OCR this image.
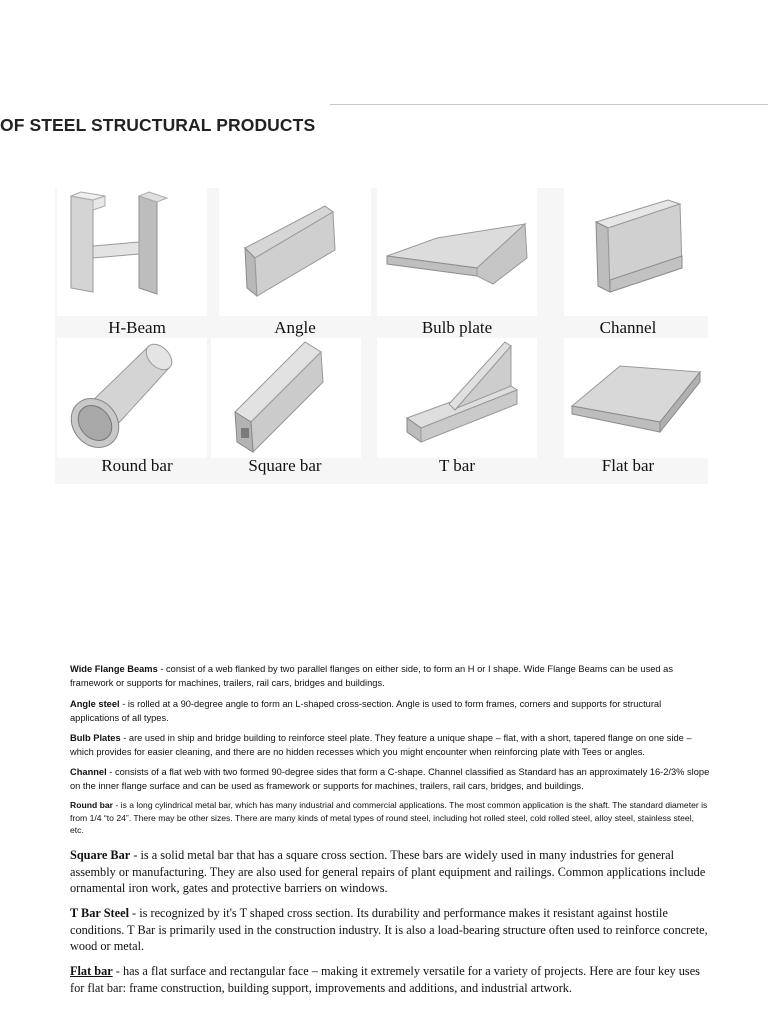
OF STEEL STRUCTURAL PRODUCTS
H-Beam	Angle	Bulb plate	Channel
Round bar	Square bar	T bar	Flat bar

Wide Flange Beams - consist of a web flanked by two parallel flanges on either side, to form an H or I shape. Wide Flange Beams can be used as framework or supports for machines, trailers, rail cars, bridges and buildings.

Angle steel - is rolled at a 90-degree angle to form an L-shaped cross-section. Angle is used to form frames, corners and supports for structural applications of all types.

Bulb Plates - are used in ship and bridge building to reinforce steel plate. They feature a unique shape – flat, with a short, tapered flange on one side – which provides for easier cleaning, and there are no hidden recesses which you might encounter when reinforcing plate with Tees or angles.

Channel - consists of a flat web with two formed 90-degree sides that form a C-shape. Channel classified as Standard has an approximately 16-2/3% slope on the inner flange surface and can be used as framework or supports for machines, trailers, rail cars, bridges, and buildings.

Round bar - is a long cylindrical metal bar, which has many industrial and commercial applications. The most common application is the shaft. The standard diameter is from 1/4 “to 24”. There may be other sizes. There are many kinds of metal types of round steel, including hot rolled steel, cold rolled steel, alloy steel, stainless steel, etc.

Square Bar - is a solid metal bar that has a square cross section. These bars are widely used in many industries for general assembly or manufacturing. They are also used for general repairs of plant equipment and railings. Common applications include ornamental iron work, gates and protective barriers on windows.

T Bar Steel - is recognized by it's T shaped cross section. Its durability and performance makes it resistant against hostile conditions. T Bar is primarily used in the construction industry. It is also a load-bearing structure often used to reinforce concrete, wood or metal.

Flat bar - has a flat surface and rectangular face – making it extremely versatile for a variety of projects. Here are four key uses for flat bar: frame construction, building support, improvements and additions, and industrial artwork.
